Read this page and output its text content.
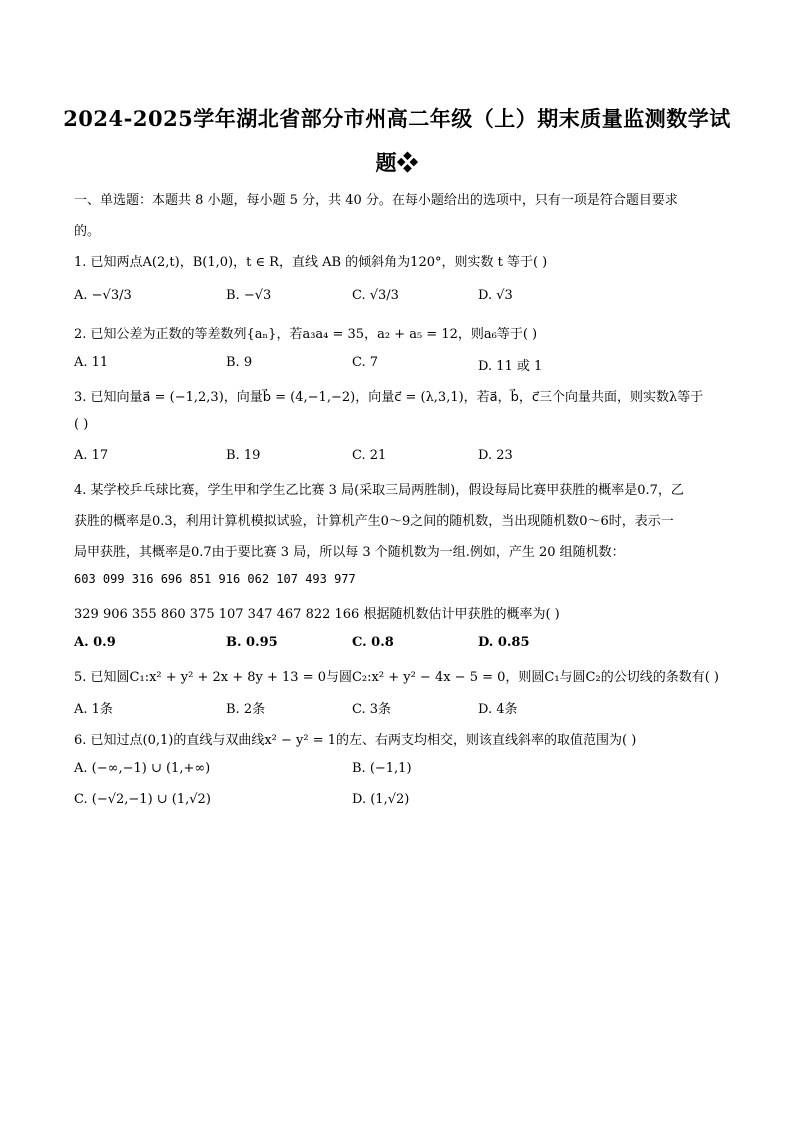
2024-2025学年湖北省部分市州高二年级（上）期末质量监测数学试
题❖
一、单选题：本题共 8 小题，每小题 5 分，共 40 分。在每小题给出的选项中，只有一项是符合题目要求
的。
1. 已知两点A(2,t)，B(1,0)，t ∈ R，直线 AB 的倾斜角为120°，则实数 t 等于( )
A. −√3/3	B. −√3	C. √3/3	D. √3
2. 已知公差为正数的等差数列{aₙ}，若a₃a₄ = 35，a₂ + a₅ = 12，则a₆等于( )
A. 11	B. 9	C. 7	D. 11 或 1
3. 已知向量a⃗ = (−1,2,3)，向量b⃗ = (4,−1,−2)，向量c⃗ = (λ,3,1)，若a⃗，b⃗，c⃗三个向量共面，则实数λ等于
( )
A. 17	B. 19	C. 21	D. 23
4. 某学校乒乓球比赛，学生甲和学生乙比赛 3 局(采取三局两胜制)，假设每局比赛甲获胜的概率是0.7，乙
获胜的概率是0.3，利用计算机模拟试验，计算机产生0～9之间的随机数，当出现随机数0～6时，表示一
局甲获胜，其概率是0.7由于要比赛 3 局，所以每 3 个随机数为一组.例如，产生 20 组随机数：
603 099 316 696 851 916 062 107 493 977
329 906 355 860 375 107 347 467 822 166 根据随机数估计甲获胜的概率为( )
A. 0.9	B. 0.95	C. 0.8	D. 0.85
5. 已知圆C₁:x² + y² + 2x + 8y + 13 = 0与圆C₂:x² + y² − 4x − 5 = 0，则圆C₁与圆C₂的公切线的条数有( )
A. 1条	B. 2条	C. 3条	D. 4条
6. 已知过点(0,1)的直线与双曲线x² − y² = 1的左、右两支均相交，则该直线斜率的取值范围为( )
A. (−∞,−1) ∪ (1,+∞)	B. (−1,1)
C. (−√2,−1) ∪ (1,√2)	D. (1,√2)
